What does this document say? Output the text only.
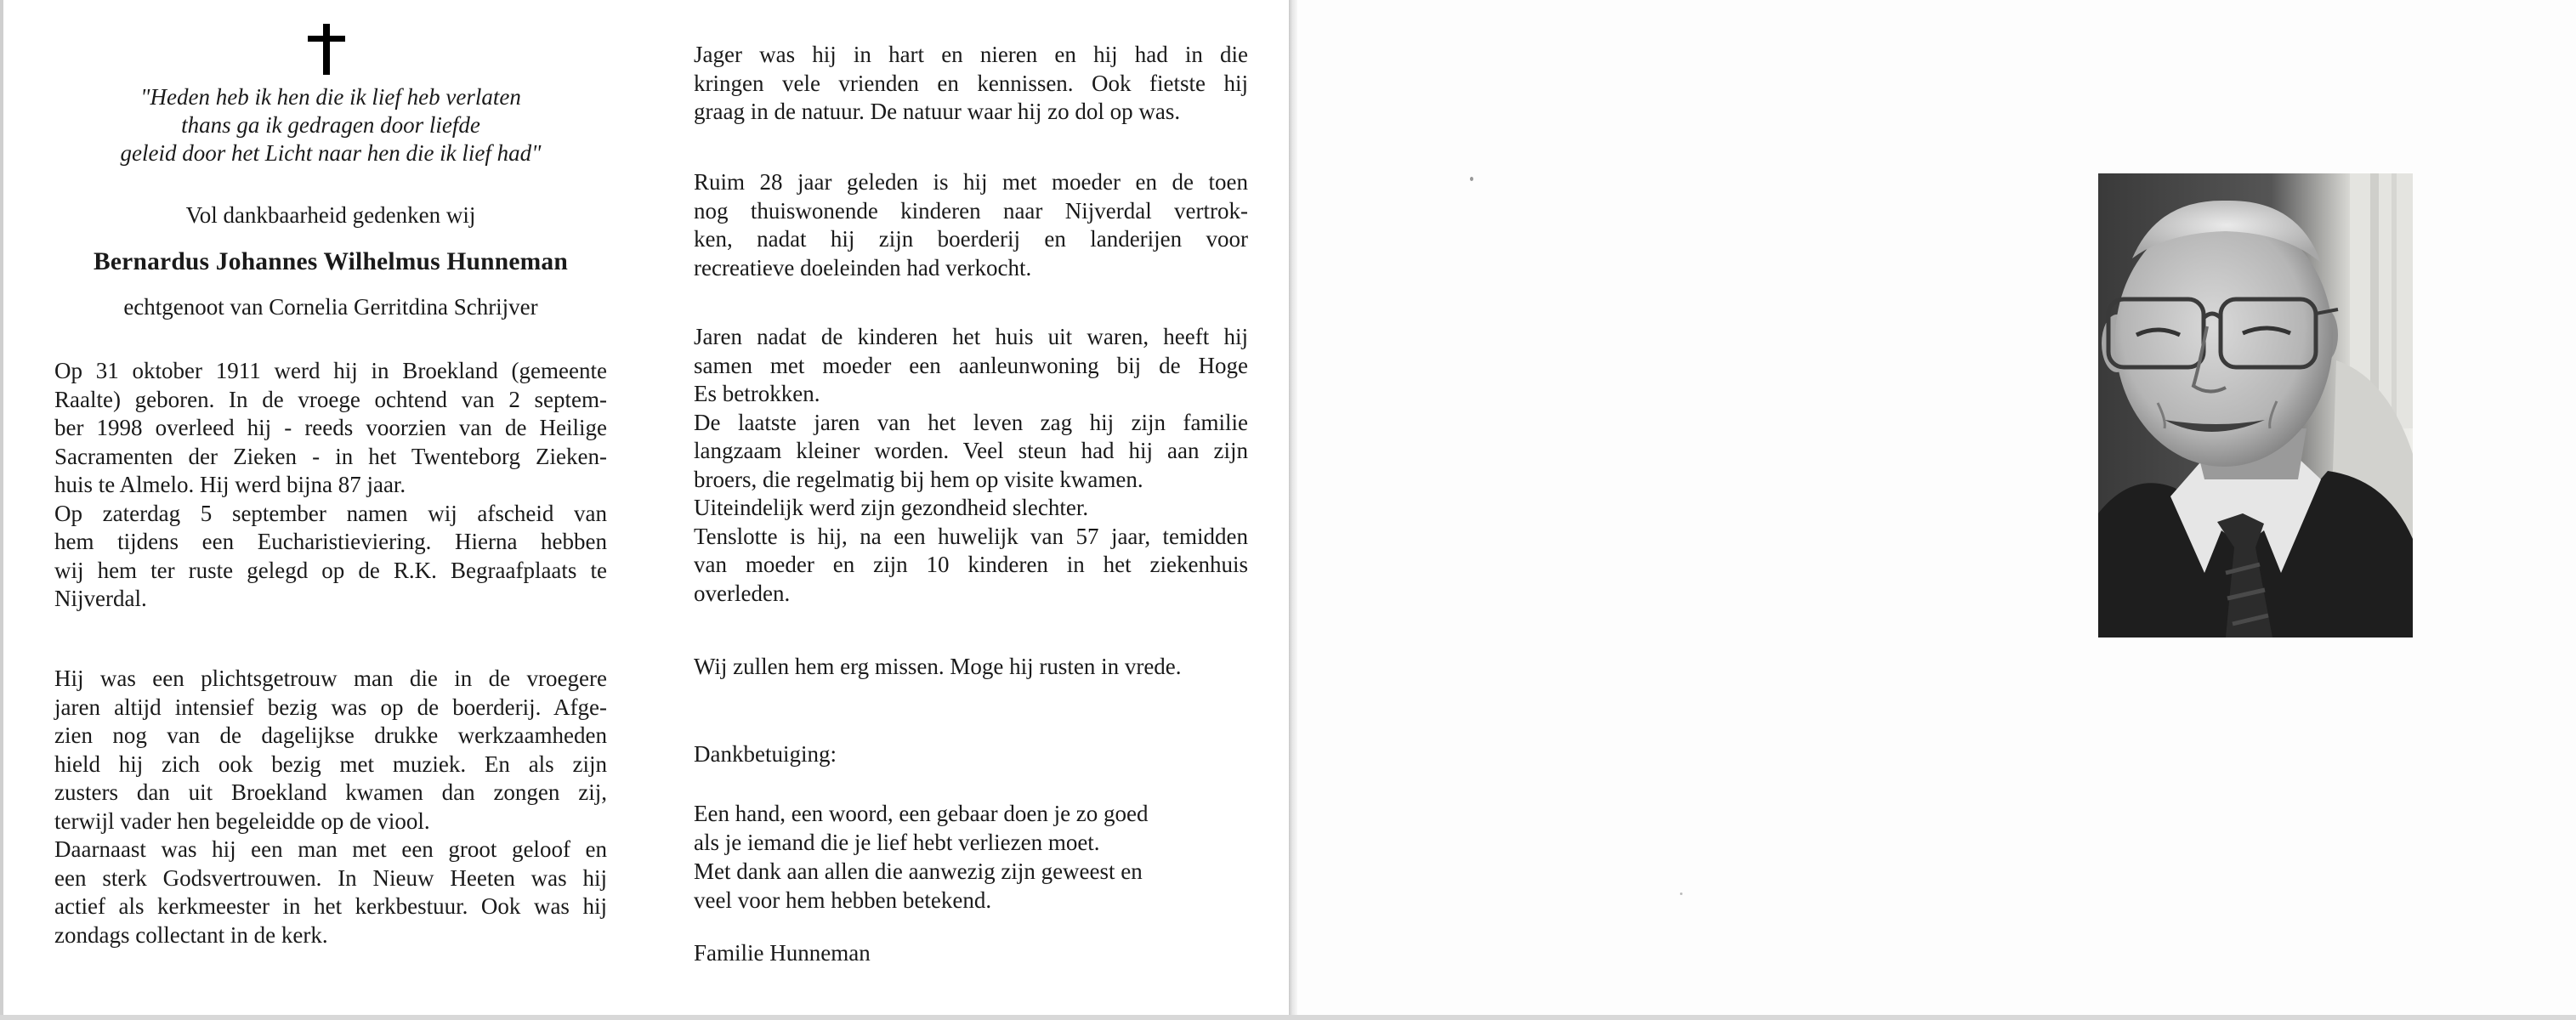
"Heden heb ik hen die ik lief heb verlaten
thans ga ik gedragen door liefde
geleid door het Licht naar hen die ik lief had"
Vol dankbaarheid gedenken wij
Bernardus Johannes Wilhelmus Hunneman
echtgenoot van Cornelia Gerritdina Schrijver
Op 31 oktober 1911 werd hij in Broekland (gemeente
Raalte) geboren. In de vroege ochtend van 2 septem-
ber 1998 overleed hij - reeds voorzien van de Heilige
Sacramenten der Zieken - in het Twenteborg Zieken-
huis te Almelo. Hij werd bijna 87 jaar.
Op zaterdag 5 september namen wij afscheid van
hem tijdens een Eucharistieviering. Hierna hebben
wij hem ter ruste gelegd op de R.K. Begraafplaats te
Nijverdal.
Hij was een plichtsgetrouw man die in de vroegere
jaren altijd intensief bezig was op de boerderij. Afge-
zien nog van de dagelijkse drukke werkzaamheden
hield hij zich ook bezig met muziek. En als zijn
zusters dan uit Broekland kwamen dan zongen zij,
terwijl vader hen begeleidde op de viool.
Daarnaast was hij een man met een groot geloof en
een sterk Godsvertrouwen. In Nieuw Heeten was hij
actief als kerkmeester in het kerkbestuur. Ook was hij
zondags collectant in de kerk.
Jager was hij in hart en nieren en hij had in die
kringen vele vrienden en kennissen. Ook fietste hij
graag in de natuur. De natuur waar hij zo dol op was.
Ruim 28 jaar geleden is hij met moeder en de toen
nog thuiswonende kinderen naar Nijverdal vertrok-
ken, nadat hij zijn boerderij en landerijen voor
recreatieve doeleinden had verkocht.
Jaren nadat de kinderen het huis uit waren, heeft hij
samen met moeder een aanleunwoning bij de Hoge
Es betrokken.
De laatste jaren van het leven zag hij zijn familie
langzaam kleiner worden. Veel steun had hij aan zijn
broers, die regelmatig bij hem op visite kwamen.
Uiteindelijk werd zijn gezondheid slechter.
Tenslotte is hij, na een huwelijk van 57 jaar, temidden
van moeder en zijn 10 kinderen in het ziekenhuis
overleden.
Wij zullen hem erg missen. Moge hij rusten in vrede.
Dankbetuiging:
Een hand, een woord, een gebaar doen je zo goed
als je iemand die je lief hebt verliezen moet.
Met dank aan allen die aanwezig zijn geweest en
veel voor hem hebben betekend.
Familie Hunneman
